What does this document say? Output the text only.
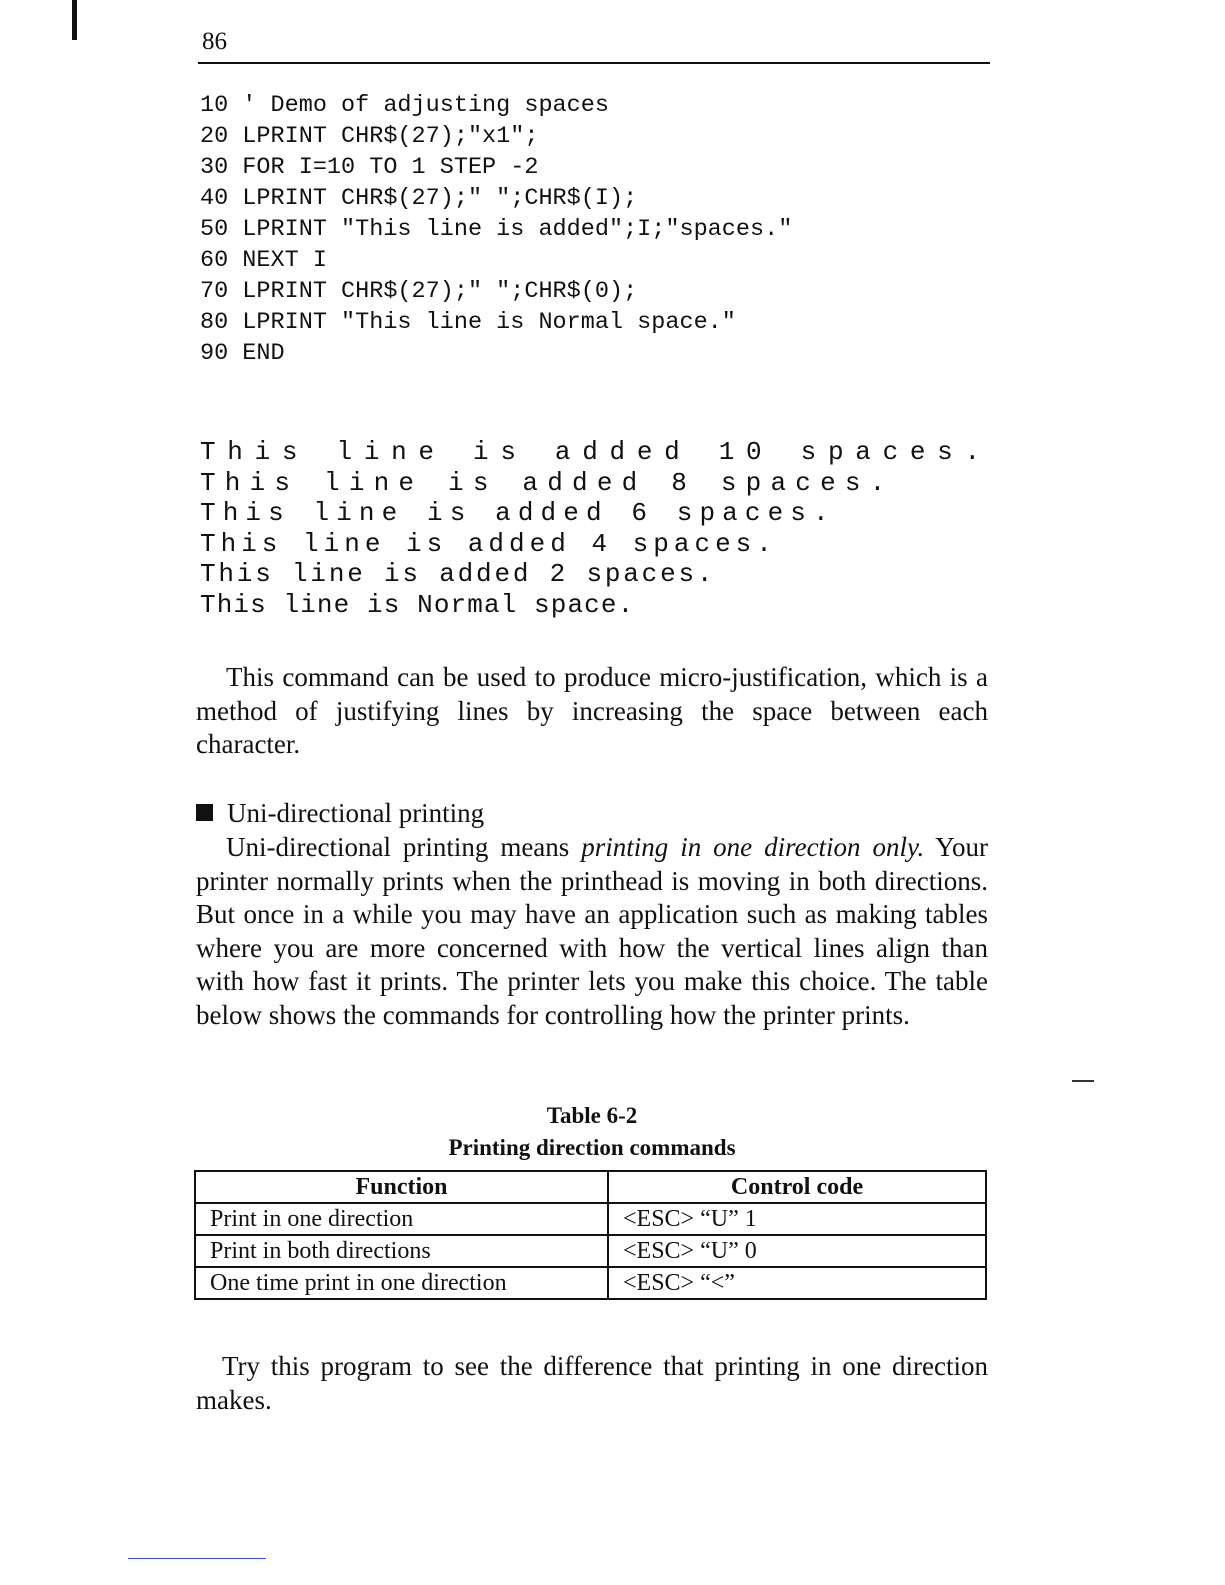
86
10 ' Demo of adjusting spaces
20 LPRINT CHR$(27);"x1";
30 FOR I=10 TO 1 STEP -2
40 LPRINT CHR$(27);" ";CHR$(I);
50 LPRINT "This line is added";I;"spaces."
60 NEXT I
70 LPRINT CHR$(27);" ";CHR$(0);
80 LPRINT "This line is Normal space."
90 END
This line is added 10 spaces.
This line is added 8 spaces.
This line is added 6 spaces.
This line is added 4 spaces.
This line is added 2 spaces.
This line is Normal space.

This command can be used to produce micro-justification, which is a method of justifying lines by increasing the space between each character.

Uni-directional printing

Uni-directional printing means printing in one direction only. Your printer normally prints when the printhead is moving in both directions. But once in a while you may have an application such as making tables where you are more concerned with how the vertical lines align than with how fast it prints. The printer lets you make this choice. The table below shows the commands for controlling how the printer prints.

Table 6-2

Printing direction commands

Function	Control code
Print in one direction	<ESC> “U” 1
Print in both directions	<ESC> “U” 0
One time print in one direction	<ESC> “<”

Try this program to see the difference that printing in one direction makes.
